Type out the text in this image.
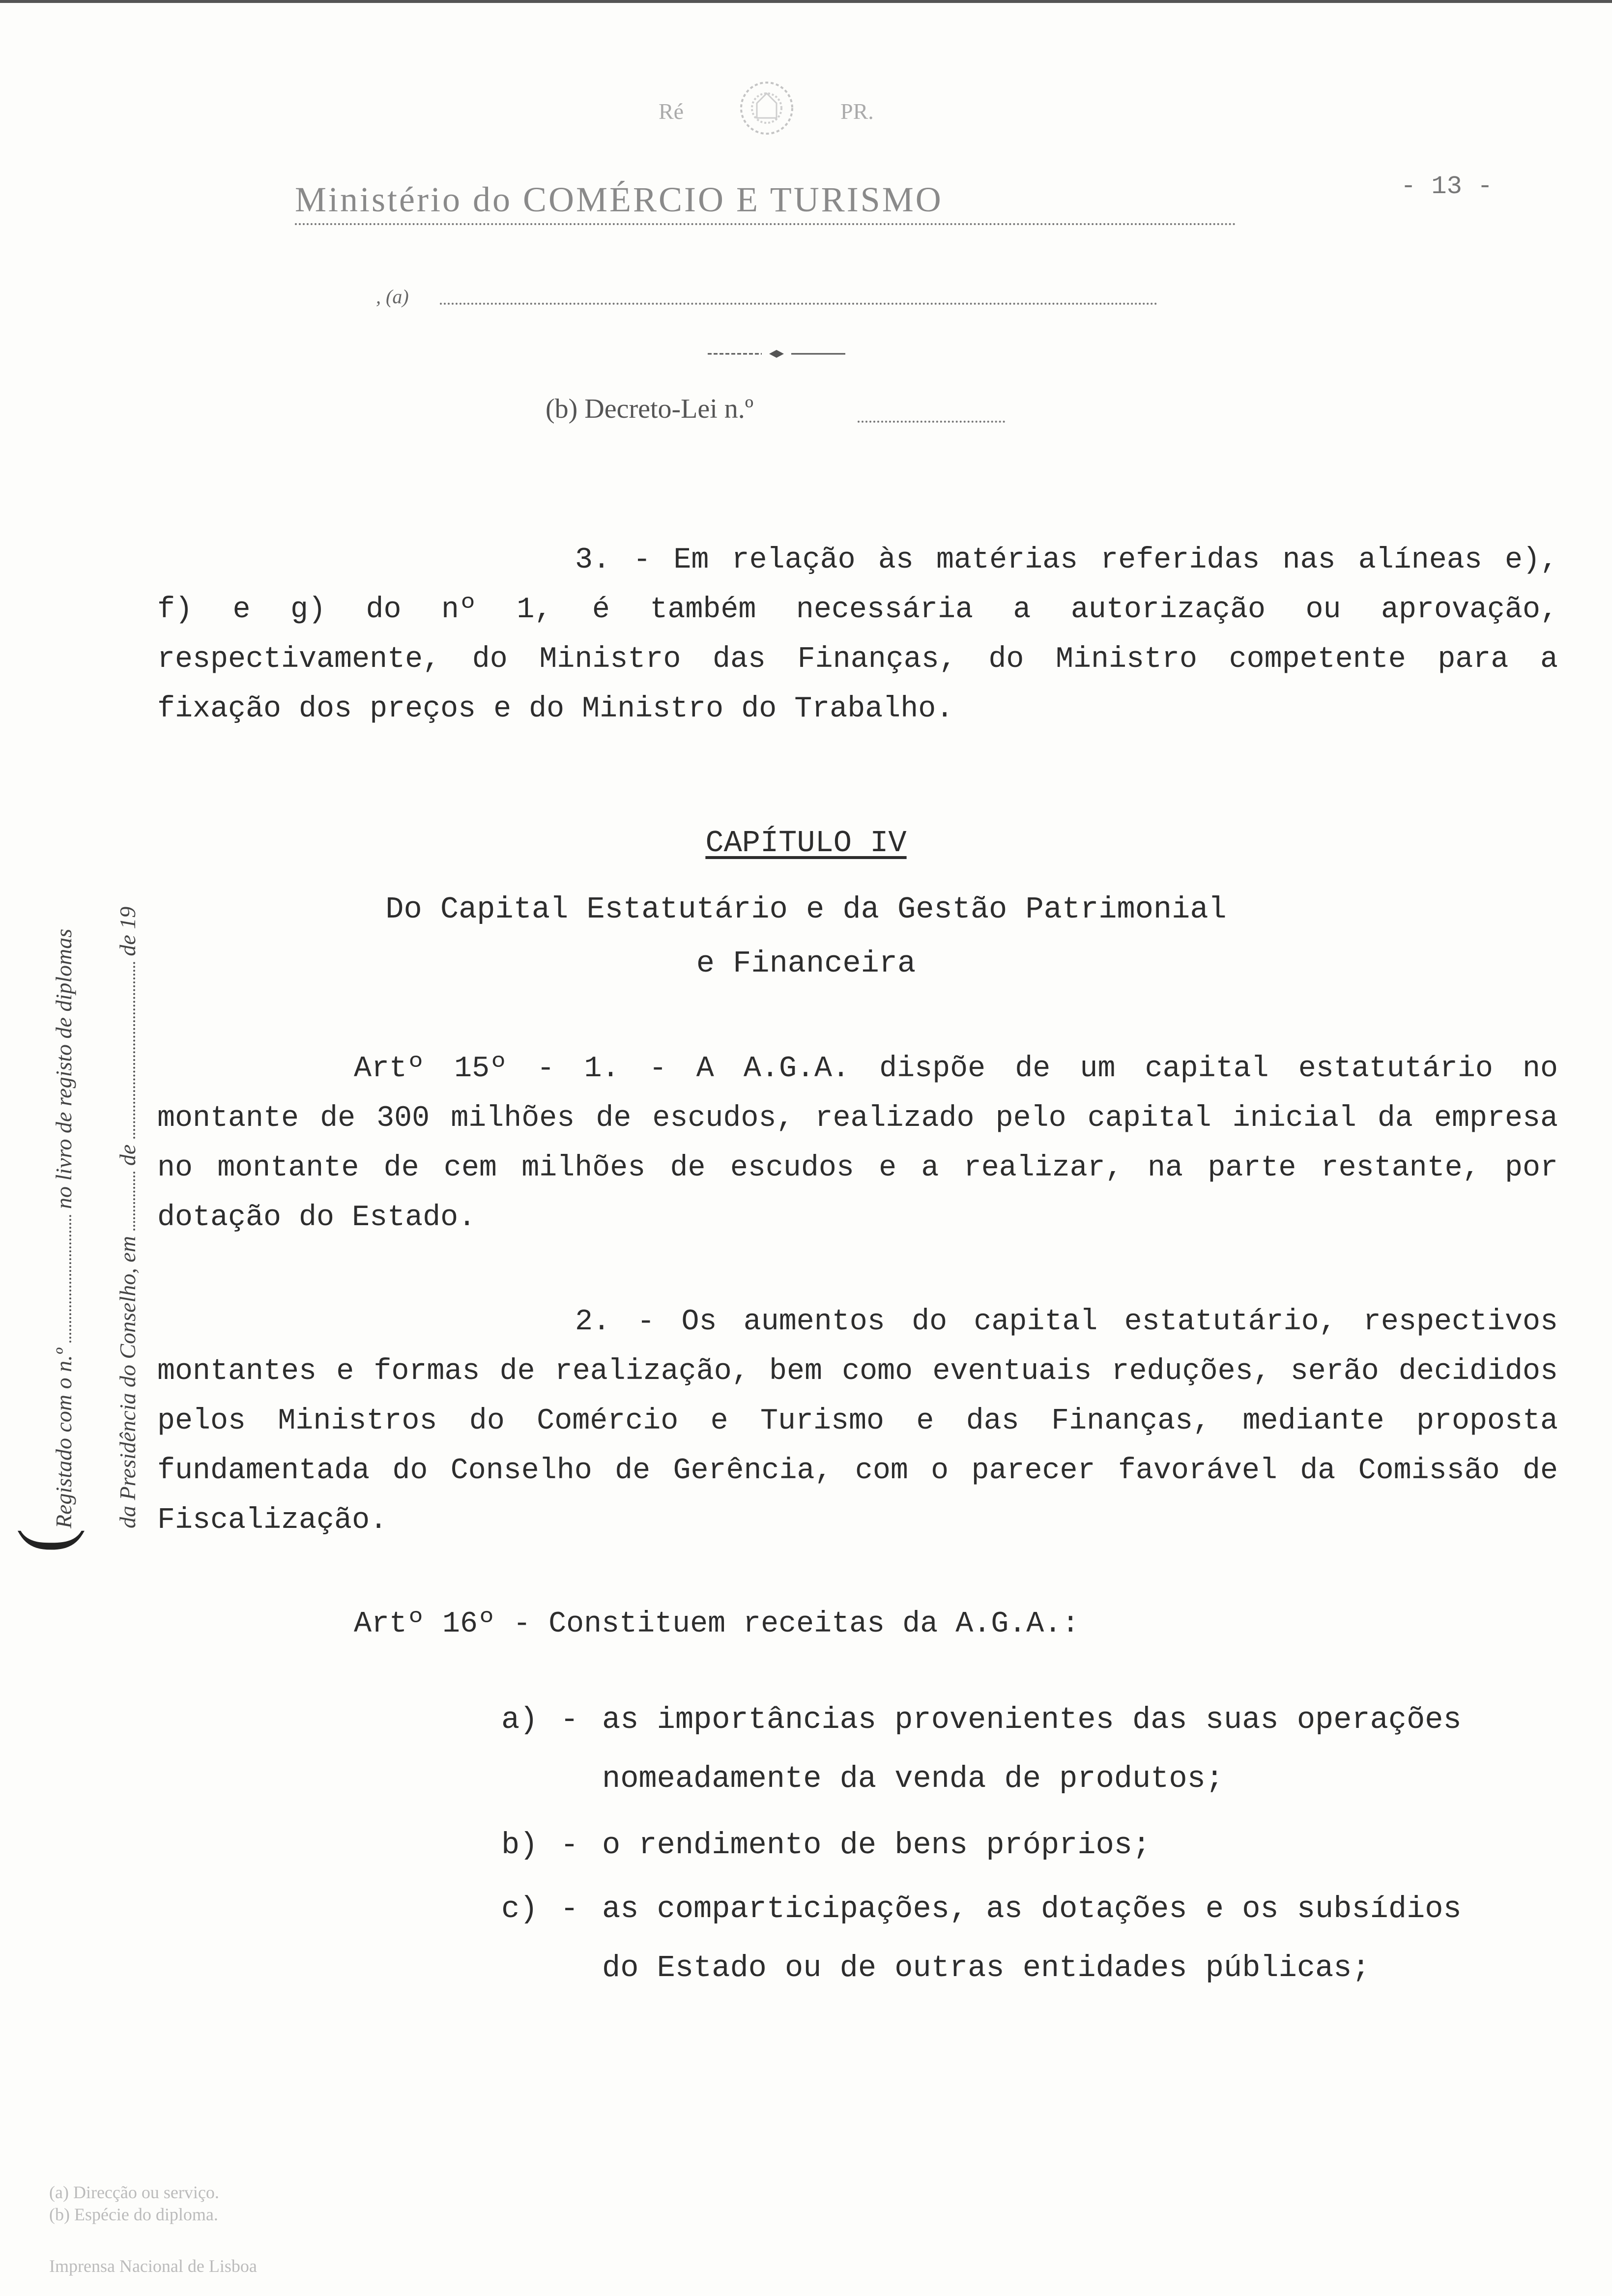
Ré	PR.
Ministério do COMÉRCIO E TURISMO	- 13 -
, (a)
(b) Decreto-Lei n.º
(
Registado com o n.º  no livro de registo de diplomas
da Presidência do Conselho, em  de  de 19
3. - Em relação às matérias referidas nas alíneas e), f) e g) do nº 1, é também necessária a autorização ou aprovação, respectivamente, do Ministro das Finanças, do Ministro competente para a fixação dos preços e do Ministro do Trabalho.
CAPÍTULO IV
Do Capital Estatutário e da Gestão Patrimonial
e Financeira
Artº 15º - 1. - A A.G.A. dispõe de um capital estatutário no montante de 300 milhões de escudos, realizado pelo capital inicial da empresa no montante de cem milhões de escudos e a realizar, na parte restante, por dotação do Estado.
2. - Os aumentos do capital estatutário, respectivos montantes e formas de realização, bem como eventuais reduções, serão decididos pelos Ministros do Comércio e Turismo e das Finanças, mediante proposta fundamentada do Conselho de Gerência, com o parecer favorável da Comissão de Fiscalização.
Artº 16º - Constituem receitas da A.G.A.:
a) - as importâncias provenientes das suas operações
nomeadamente da venda de produtos;
b) - o rendimento de bens próprios;
c) - as comparticipações, as dotações e os subsídios
do Estado ou de outras entidades públicas;
(a) Direcção ou serviço.
(b) Espécie do diploma.
Imprensa Nacional de Lisboa
